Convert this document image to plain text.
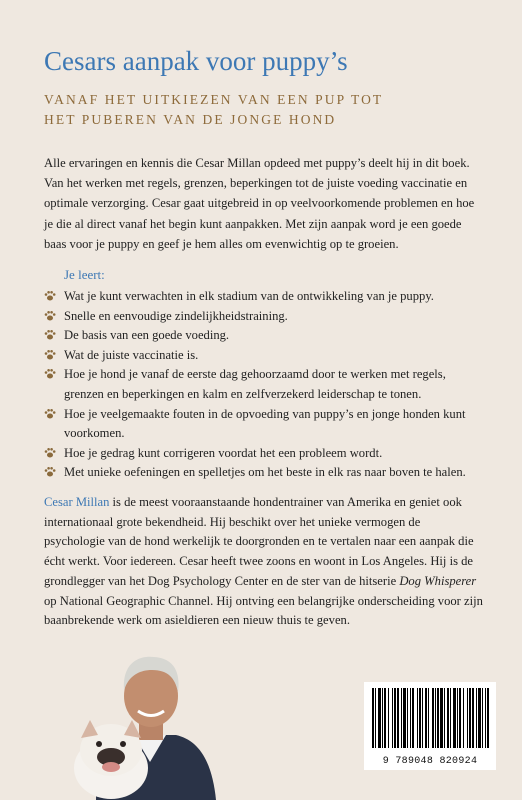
Cesars aanpak voor puppy’s
VANAF HET UITKIEZEN VAN EEN PUP TOT
HET PUBEREN VAN DE JONGE HOND
Alle ervaringen en kennis die Cesar Millan opdeed met puppy’s deelt hij in dit boek. Van het werken met regels, grenzen, beperkingen tot de juiste voeding vaccinatie en optimale verzorging. Cesar gaat uitgebreid in op veelvoorkomende problemen en hoe je die al direct vanaf het begin kunt aanpakken. Met zijn aanpak word je een goede baas voor je puppy en geef je hem alles om evenwichtig op te groeien.
Je leert:
Wat je kunt verwachten in elk stadium van de ontwikkeling van je puppy.
Snelle en eenvoudige zindelijkheidstraining.
De basis van een goede voeding.
Wat de juiste vaccinatie is.
Hoe je hond je vanaf de eerste dag gehoorzaamd door te werken met regels, grenzen en beperkingen en kalm en zelfverzekerd leiderschap te tonen.
Hoe je veelgemaakte fouten in de opvoeding van puppy’s en jonge honden kunt voorkomen.
Hoe je gedrag kunt corrigeren voordat het een probleem wordt.
Met unieke oefeningen en spelletjes om het beste in elk ras naar boven te halen.
Cesar Millan is de meest vooraanstaande hondentrainer van Amerika en geniet ook internationaal grote bekendheid. Hij beschikt over het unieke vermogen de psychologie van de hond werkelijk te doorgronden en te vertalen naar een aanpak die écht werkt. Voor iedereen. Cesar heeft twee zoons en woont in Los Angeles. Hij is de grondlegger van het Dog Psychology Center en de ster van de hitserie Dog Whisperer op National Geographic Channel. Hij ontving een belangrijke onderscheiding voor zijn baanbrekende werk om asieldieren een nieuw thuis te geven.
9 789048 820924
